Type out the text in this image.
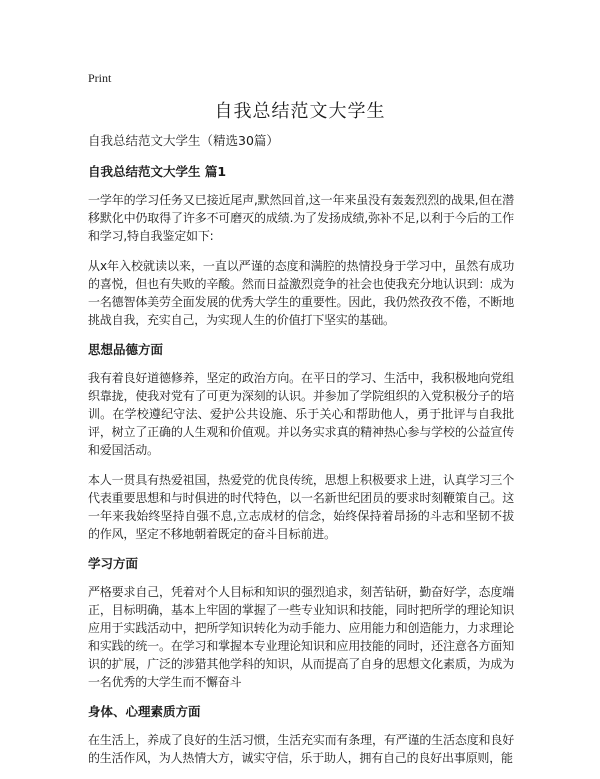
Print
自我总结范文大学生

自我总结范文大学生（精选30篇）

自我总结范文大学生 篇1

一学年的学习任务又已接近尾声,默然回首,这一年来虽没有轰轰烈烈的战果,但在潜移默化中仍取得了许多不可磨灭的成绩.为了发扬成绩,弥补不足,以利于今后的工作和学习,特自我鉴定如下:

从x年入校就读以来，一直以严谨的态度和满腔的热情投身于学习中，虽然有成功的喜悦，但也有失败的辛酸。然而日益激烈竞争的社会也使我充分地认识到：成为一名德智体美劳全面发展的优秀大学生的重要性。因此，我仍然孜孜不倦，不断地挑战自我，充实自己，为实现人生的价值打下坚实的基础。

思想品德方面

我有着良好道德修养，坚定的政治方向。在平日的学习、生活中，我积极地向党组织靠拢，使我对党有了可更为深刻的认识。并参加了学院组织的入党积极分子的培训。在学校遵纪守法、爱护公共设施、乐于关心和帮助他人，勇于批评与自我批评，树立了正确的人生观和价值观。并以务实求真的精神热心参与学校的公益宣传和爱国活动。

本人一贯具有热爱祖国，热爱党的优良传统，思想上积极要求上进，认真学习三个代表重要思想和与时俱进的时代特色，以一名新世纪团员的要求时刻鞭策自己。这一年来我始终坚持自强不息,立志成材的信念，始终保持着昂扬的斗志和坚韧不拔的作风，坚定不移地朝着既定的奋斗目标前进。

学习方面

严格要求自己，凭着对个人目标和知识的强烈追求，刻苦钻研，勤奋好学，态度端正，目标明确，基本上牢固的掌握了一些专业知识和技能，同时把所学的理论知识应用于实践活动中，把所学知识转化为动手能力、应用能力和创造能力，力求理论和实践的统一。在学习和掌握本专业理论知识和应用技能的同时，还注意各方面知识的扩展，广泛的涉猎其他学科的知识，从而提高了自身的思想文化素质，为成为一名优秀的大学生而不懈奋斗

身体、心理素质方面

在生活上，养成了良好的生活习惯，生活充实而有条理，有严谨的生活态度和良好的生活作风，为人热情大方，诚实守信，乐于助人，拥有自己的良好出事原则，能
